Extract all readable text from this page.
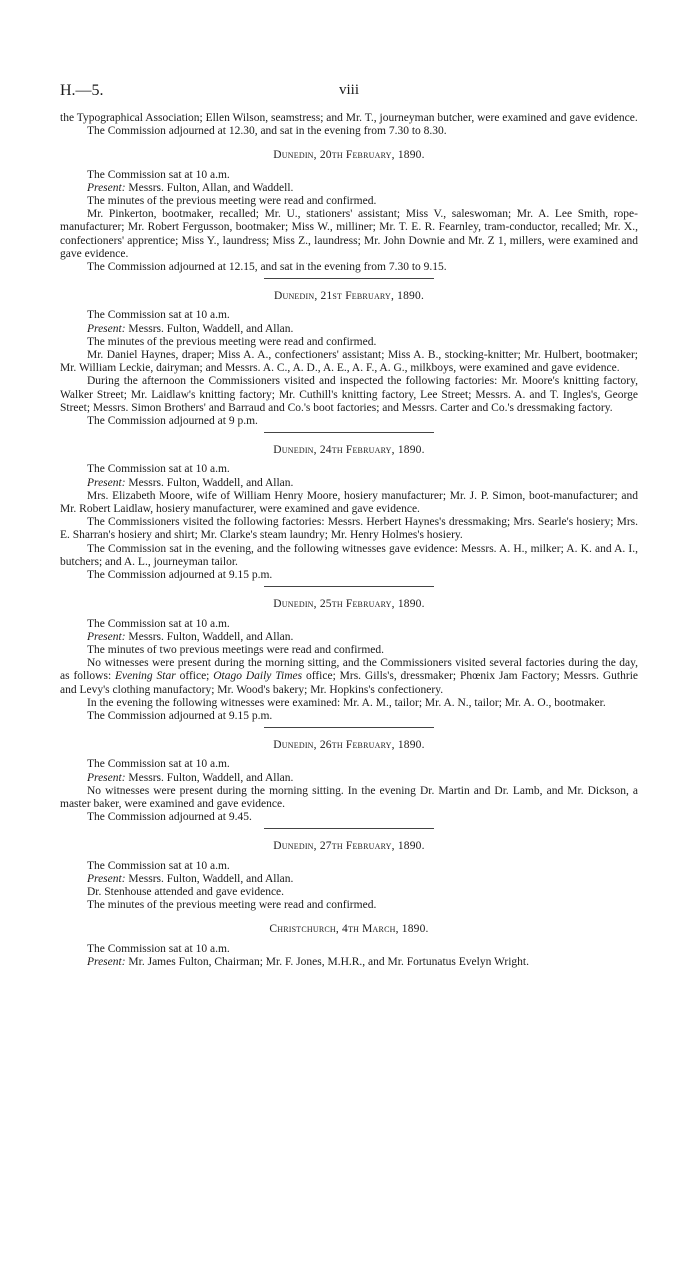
H.—5.	viii

the Typographical Association; Ellen Wilson, seamstress; and Mr. T., journeyman butcher, were examined and gave evidence.

The Commission adjourned at 12.30, and sat in the evening from 7.30 to 8.30.

Dunedin, 20th February, 1890.

The Commission sat at 10 a.m.

Present: Messrs. Fulton, Allan, and Waddell.

The minutes of the previous meeting were read and confirmed.

Mr. Pinkerton, bootmaker, recalled; Mr. U., stationers' assistant; Miss V., saleswoman; Mr. A. Lee Smith, rope-manufacturer; Mr. Robert Fergusson, bootmaker; Miss W., milliner; Mr. T. E. R. Fearnley, tram-conductor, recalled; Mr. X., confectioners' apprentice; Miss Y., laundress; Miss Z., laundress; Mr. John Downie and Mr. Z 1, millers, were examined and gave evidence.

The Commission adjourned at 12.15, and sat in the evening from 7.30 to 9.15.

Dunedin, 21st February, 1890.

The Commission sat at 10 a.m.

Present: Messrs. Fulton, Waddell, and Allan.

The minutes of the previous meeting were read and confirmed.

Mr. Daniel Haynes, draper; Miss A. A., confectioners' assistant; Miss A. B., stocking-knitter; Mr. Hulbert, bootmaker; Mr. William Leckie, dairyman; and Messrs. A. C., A. D., A. E., A. F., A. G., milkboys, were examined and gave evidence.

During the afternoon the Commissioners visited and inspected the following factories: Mr. Moore's knitting factory, Walker Street; Mr. Laidlaw's knitting factory; Mr. Cuthill's knitting factory, Lee Street; Messrs. A. and T. Ingles's, George Street; Messrs. Simon Brothers' and Barraud and Co.'s boot factories; and Messrs. Carter and Co.'s dressmaking factory.

The Commission adjourned at 9 p.m.

Dunedin, 24th February, 1890.

The Commission sat at 10 a.m.

Present: Messrs. Fulton, Waddell, and Allan.

Mrs. Elizabeth Moore, wife of William Henry Moore, hosiery manufacturer; Mr. J. P. Simon, boot-manufacturer; and Mr. Robert Laidlaw, hosiery manufacturer, were examined and gave evidence.

The Commissioners visited the following factories: Messrs. Herbert Haynes's dressmaking; Mrs. Searle's hosiery; Mrs. E. Sharran's hosiery and shirt; Mr. Clarke's steam laundry; Mr. Henry Holmes's hosiery.

The Commission sat in the evening, and the following witnesses gave evidence: Messrs. A. H., milker; A. K. and A. I., butchers; and A. L., journeyman tailor.

The Commission adjourned at 9.15 p.m.

Dunedin, 25th February, 1890.

The Commission sat at 10 a.m.

Present: Messrs. Fulton, Waddell, and Allan.

The minutes of two previous meetings were read and confirmed.

No witnesses were present during the morning sitting, and the Commissioners visited several factories during the day, as follows: Evening Star office; Otago Daily Times office; Mrs. Gills's, dressmaker; Phœnix Jam Factory; Messrs. Guthrie and Levy's clothing manufactory; Mr. Wood's bakery; Mr. Hopkins's confectionery.

In the evening the following witnesses were examined: Mr. A. M., tailor; Mr. A. N., tailor; Mr. A. O., bootmaker.

The Commission adjourned at 9.15 p.m.

Dunedin, 26th February, 1890.

The Commission sat at 10 a.m.

Present: Messrs. Fulton, Waddell, and Allan.

No witnesses were present during the morning sitting. In the evening Dr. Martin and Dr. Lamb, and Mr. Dickson, a master baker, were examined and gave evidence.

The Commission adjourned at 9.45.

Dunedin, 27th February, 1890.

The Commission sat at 10 a.m.

Present: Messrs. Fulton, Waddell, and Allan.

Dr. Stenhouse attended and gave evidence.

The minutes of the previous meeting were read and confirmed.

Christchurch, 4th March, 1890.

The Commission sat at 10 a.m.

Present: Mr. James Fulton, Chairman; Mr. F. Jones, M.H.R., and Mr. Fortunatus Evelyn Wright.
